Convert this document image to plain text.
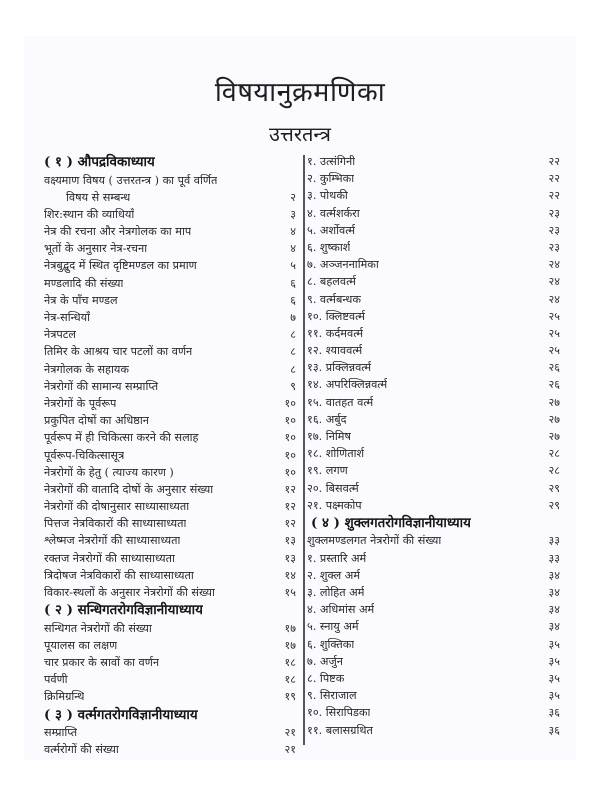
विषयानुक्रमणिका
उत्तरतन्त्र
( १ ) औपद्रविकाध्याय
वक्ष्यमाण विषय ( उत्तरतन्त्र ) का पूर्व वर्णित
विषय से सम्बन्ध	२
शिर:स्थान की व्याधियाँ	३
नेत्र की रचना और नेत्रगोलक का माप	४
भूतों के अनुसार नेत्र-रचना	४
नेत्रबुद्बुद में स्थित दृष्टिमण्डल का प्रमाण	५
मण्डलादि की संख्या	६
नेत्र के पाँच मण्डल	६
नेत्र-सन्धियाँ	७
नेत्रपटल	८
तिमिर के आश्रय चार पटलों का वर्णन	८
नेत्रगोलक के सहायक	८
नेत्ररोगों की सामान्य सम्प्राप्ति	९
नेत्ररोगों के पूर्वरूप	१०
प्रकुपित दोषों का अधिष्ठान	१०
पूर्वरूप में ही चिकित्सा करने की सलाह	१०
पूर्वरूप-चिकित्सासूत्र	१०
नेत्ररोगों के हेतु ( त्याज्य कारण )	१०
नेत्ररोगों की वातादि दोषों के अनुसार संख्या	१२
नेत्ररोगों की दोषानुसार साध्यासाध्यता	१२
पित्तज नेत्रविकारों की साध्यासाध्यता	१२
श्लेष्मज नेत्ररोगों की साध्यासाध्यता	१३
रक्तज नेत्ररोगों की साध्यासाध्यता	१३
त्रिदोषज नेत्रविकारों की साध्यासाध्यता	१४
विकार-स्थलों के अनुसार नेत्ररोगों की संख्या	१५
( २ ) सन्धिगतरोगविज्ञानीयाध्याय
सन्धिगत नेत्ररोगों की संख्या	१७
पूयालस का लक्षण	१७
चार प्रकार के स्रावों का वर्णन	१८
पर्वणी	१८
क्रिमिग्रन्थि	१९
( ३ ) वर्त्मगतरोगविज्ञानीयाध्याय
सम्प्राप्ति	२१
वर्त्मरोगों की संख्या	२१
१. उत्संगिनी	२२
२. कुम्भिका	२२
३. पोथकी	२२
४. वर्त्मशर्करा	२३
५. अर्शोवर्त्म	२३
६. शुष्कार्श	२३
७. अञ्जननामिका	२४
८. बहलवर्त्म	२४
९. वर्त्मबन्धक	२४
१०. क्लिष्टवर्त्म	२५
११. कर्दमवर्त्म	२५
१२. श्याववर्त्म	२५
१३. प्रक्लिन्नवर्त्म	२६
१४. अपरिक्लिन्नवर्त्म	२६
१५. वातहत वर्त्म	२७
१६. अर्बुद	२७
१७. निमिष	२७
१८. शोणितार्श	२८
१९. लगण	२८
२०. बिसवर्त्म	२९
२१. पक्ष्मकोप	२९
( ४ ) शुक्लगतरोगविज्ञानीयाध्याय
शुक्लमण्डलगत नेत्ररोगों की संख्या	३३
१. प्रस्तारि अर्म	३३
२. शुक्ल अर्म	३४
३. लोहित अर्म	३४
४. अधिमांस अर्म	३४
५. स्नायु अर्म	३४
६. शुक्तिका	३५
७. अर्जुन	३५
८. पिष्टक	३५
९. सिराजाल	३५
१०. सिरापिडका	३६
११. बलासग्रथित	३६
